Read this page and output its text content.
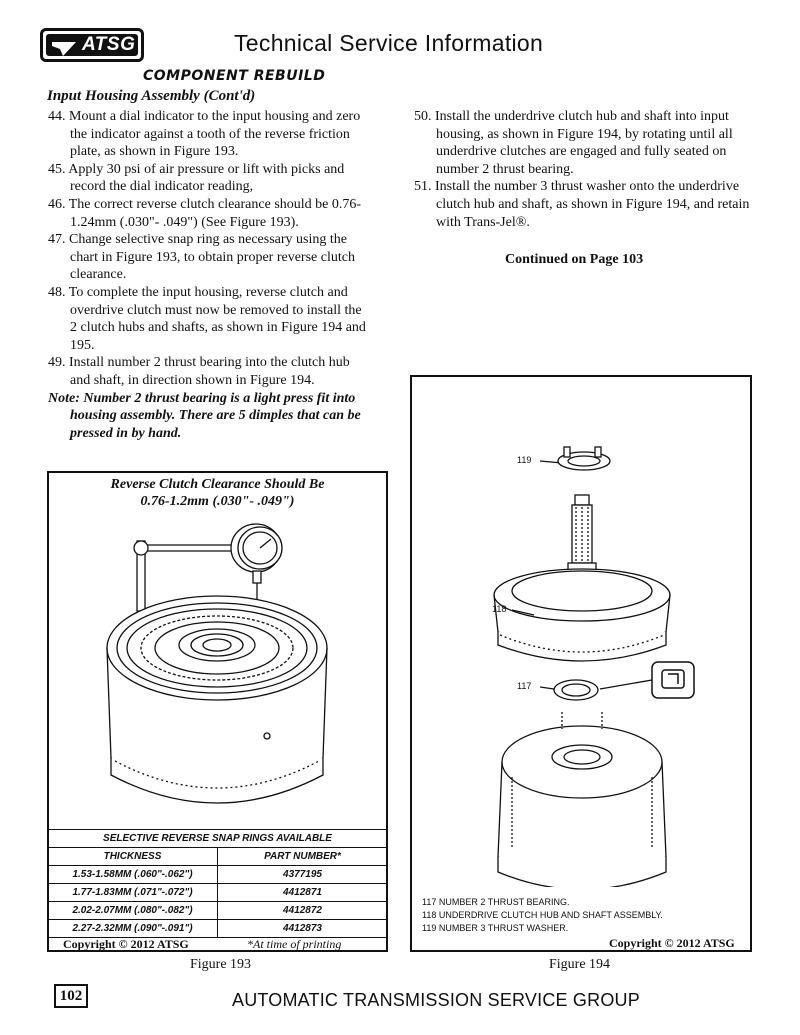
ATSG	Technical Service Information
COMPONENT REBUILD
Input Housing Assembly (Cont'd)

44. Mount a dial indicator to the input housing and zero the indicator against a tooth of the reverse friction plate, as shown in Figure 193.

45. Apply 30 psi of air pressure or lift with picks and record the dial indicator reading,

46. The correct reverse clutch clearance should be 0.76-1.24mm (.030"- .049") (See Figure 193).

47. Change selective snap ring as necessary using the chart in Figure 193, to obtain proper reverse clutch clearance.

48. To complete the input housing, reverse clutch and overdrive clutch must now be removed to install the 2 clutch hubs and shafts, as shown in Figure 194 and 195.

49. Install number 2 thrust bearing into the clutch hub and shaft, in direction shown in Figure 194.

Note: Number 2 thrust bearing is a light press fit into housing assembly. There are 5 dimples that can be pressed in by hand.

50. Install the underdrive clutch hub and shaft into input housing, as shown in Figure 194, by rotating until all underdrive clutches are engaged and fully seated on number 2 thrust bearing.

51. Install the number 3 thrust washer onto the underdrive clutch hub and shaft, as shown in Figure 194, and retain with Trans-Jel®.

Continued on Page 103
Reverse Clutch Clearance Should Be
0.76-1.2mm (.030"- .049")
SELECTIVE REVERSE SNAP RINGS AVAILABLE	
THICKNESS	PART NUMBER*
1.53-1.58MM (.060"-.062")	4377195
1.77-1.83MM (.071"-.072")	4412871
2.02-2.07MM (.080"-.082")	4412872
2.27-2.32MM (.090"-.091")	4412873
Copyright © 2012 ATSG	*At time of printing
Figure 193
119
118
117
117 NUMBER 2 THRUST BEARING.
118 UNDERDRIVE CLUTCH HUB AND SHAFT ASSEMBLY.
119 NUMBER 3 THRUST WASHER.
Copyright © 2012 ATSG
Figure 194
102	AUTOMATIC TRANSMISSION SERVICE GROUP
